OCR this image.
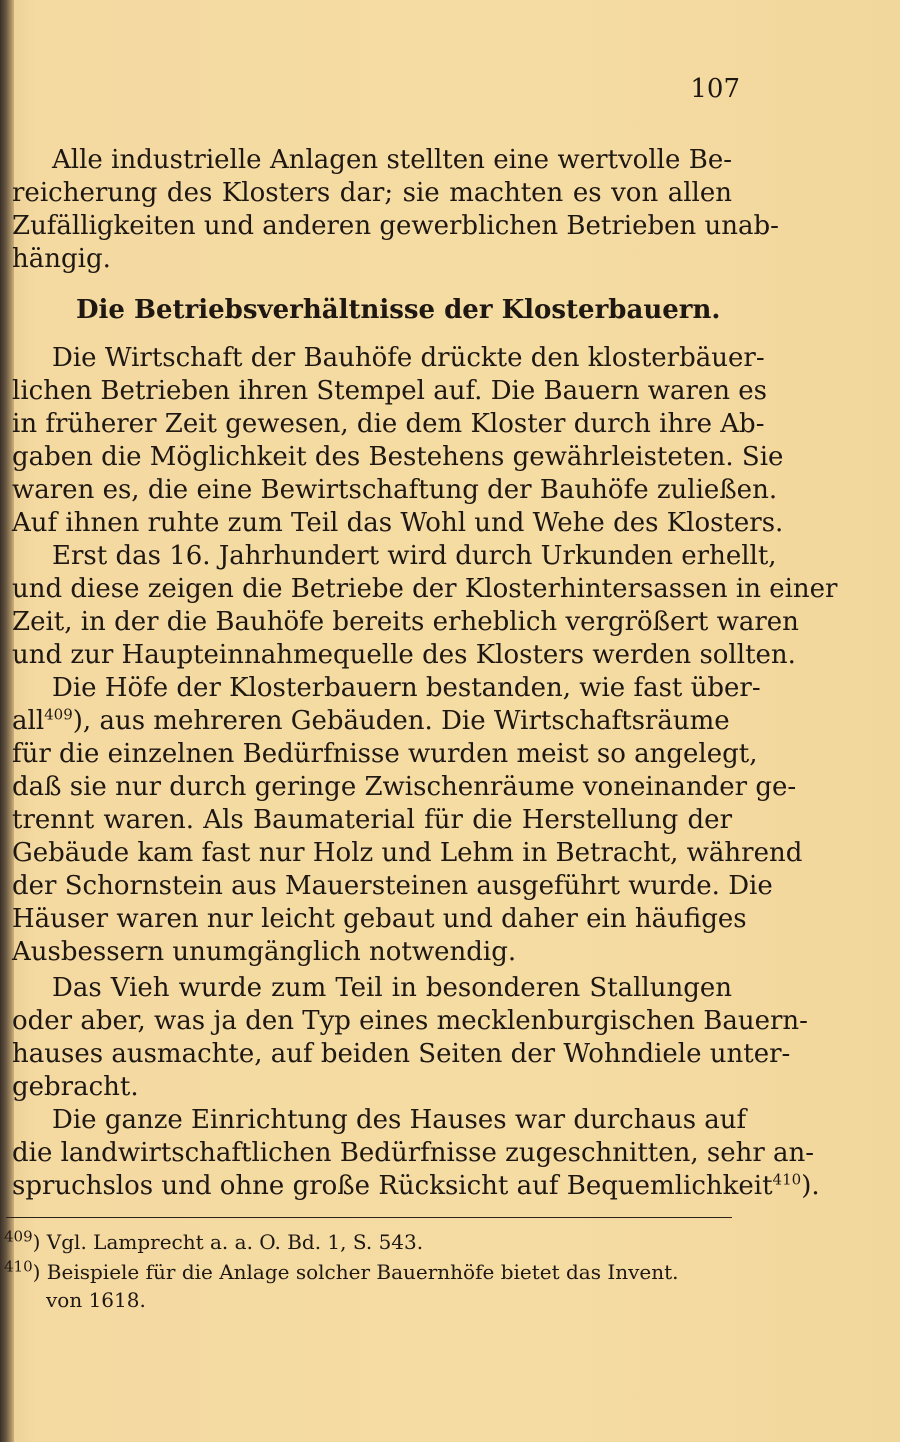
107
Alle industrielle Anlagen stellten eine wertvolle Be-
reicherung des Klosters dar; sie machten es von allen
Zufälligkeiten und anderen gewerblichen Betrieben unab-
hängig.
Die Betriebsverhältnisse der Klosterbauern.
Die Wirtschaft der Bauhöfe drückte den klosterbäuer-
lichen Betrieben ihren Stempel auf. Die Bauern waren es
in früherer Zeit gewesen, die dem Kloster durch ihre Ab-
gaben die Möglichkeit des Bestehens gewährleisteten. Sie
waren es, die eine Bewirtschaftung der Bauhöfe zuließen.
Auf ihnen ruhte zum Teil das Wohl und Wehe des Klosters.
Erst das 16. Jahrhundert wird durch Urkunden erhellt,
und diese zeigen die Betriebe der Klosterhintersassen in einer
Zeit, in der die Bauhöfe bereits erheblich vergrößert waren
und zur Haupteinnahmequelle des Klosters werden sollten.
Die Höfe der Klosterbauern bestanden, wie fast über-
all$^{409}$), aus mehreren Gebäuden. Die Wirtschaftsräume
für die einzelnen Bedürfnisse wurden meist so angelegt,
daß sie nur durch geringe Zwischenräume voneinander ge-
trennt waren. Als Baumaterial für die Herstellung der
Gebäude kam fast nur Holz und Lehm in Betracht, während
der Schornstein aus Mauersteinen ausgeführt wurde. Die
Häuser waren nur leicht gebaut und daher ein häufiges
Ausbessern unumgänglich notwendig.
Das Vieh wurde zum Teil in besonderen Stallungen
oder aber, was ja den Typ eines mecklenburgischen Bauern-
hauses ausmachte, auf beiden Seiten der Wohndiele unter-
gebracht.
Die ganze Einrichtung des Hauses war durchaus auf
die landwirtschaftlichen Bedürfnisse zugeschnitten, sehr an-
spruchslos und ohne große Rücksicht auf Bequemlichkeit$^{410}$).
$^{409}$) Vgl. Lamprecht a. a. O. Bd. 1, S. 543.
$^{410}$) Beispiele für die Anlage solcher Bauernhöfe bietet das Invent.
von 1618.
